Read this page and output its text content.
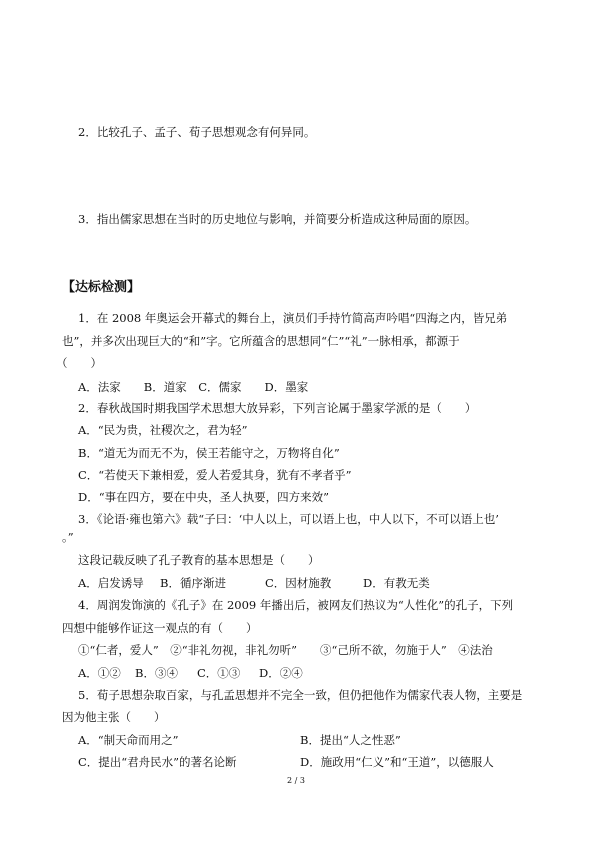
2．比较孔子、孟子、荀子思想观念有何异同。
3．指出儒家思想在当时的历史地位与影响，并简要分析造成这种局面的原因。
【达标检测】
1．在 2008 年奥运会开幕式的舞台上，演员们手持竹简高声吟唱“四海之内，皆兄弟
也”，并多次出现巨大的“和”字。它所蕴含的思想同“仁”“礼”一脉相承，都源于
（　　）
A．法家　　B．道家　C．儒家　　D．墨家
2．春秋战国时期我国学术思想大放异彩，下列言论属于墨家学派的是（　　）
A．“民为贵，社稷次之，君为轻”
B．“道无为而无不为，侯王若能守之，万物将自化”
C．“若使天下兼相爱，爱人若爱其身，犹有不孝者乎”
D．“事在四方，要在中央，圣人执要，四方来效”
3．《论语·雍也第六》载“子曰：‘中人以上，可以语上也，中人以下，不可以语上也’
。”
这段记载反映了孔子教育的基本思想是（　　）
A．启发诱导 B．循序渐进	C．因材施教	D．有教无类
4．周润发饰演的《孔子》在 2009 年播出后，被网友们热议为“人性化”的孔子，下列
四想中能够作证这一观点的有（　　）
①“仁者，爱人”　②“非礼勿视，非礼勿听”　　③“己所不欲，勿施于人”　④法治
A．①② B．③④ C．①③ D．②④
5．荀子思想杂取百家，与孔孟思想并不完全一致，但仍把他作为儒家代表人物，主要是
因为他主张（　　）
A．“制天命而用之”	B．提出“人之性恶”
C．提出“君舟民水”的著名论断	D．施政用“仁义”和“王道”，以德服人
2 / 3
